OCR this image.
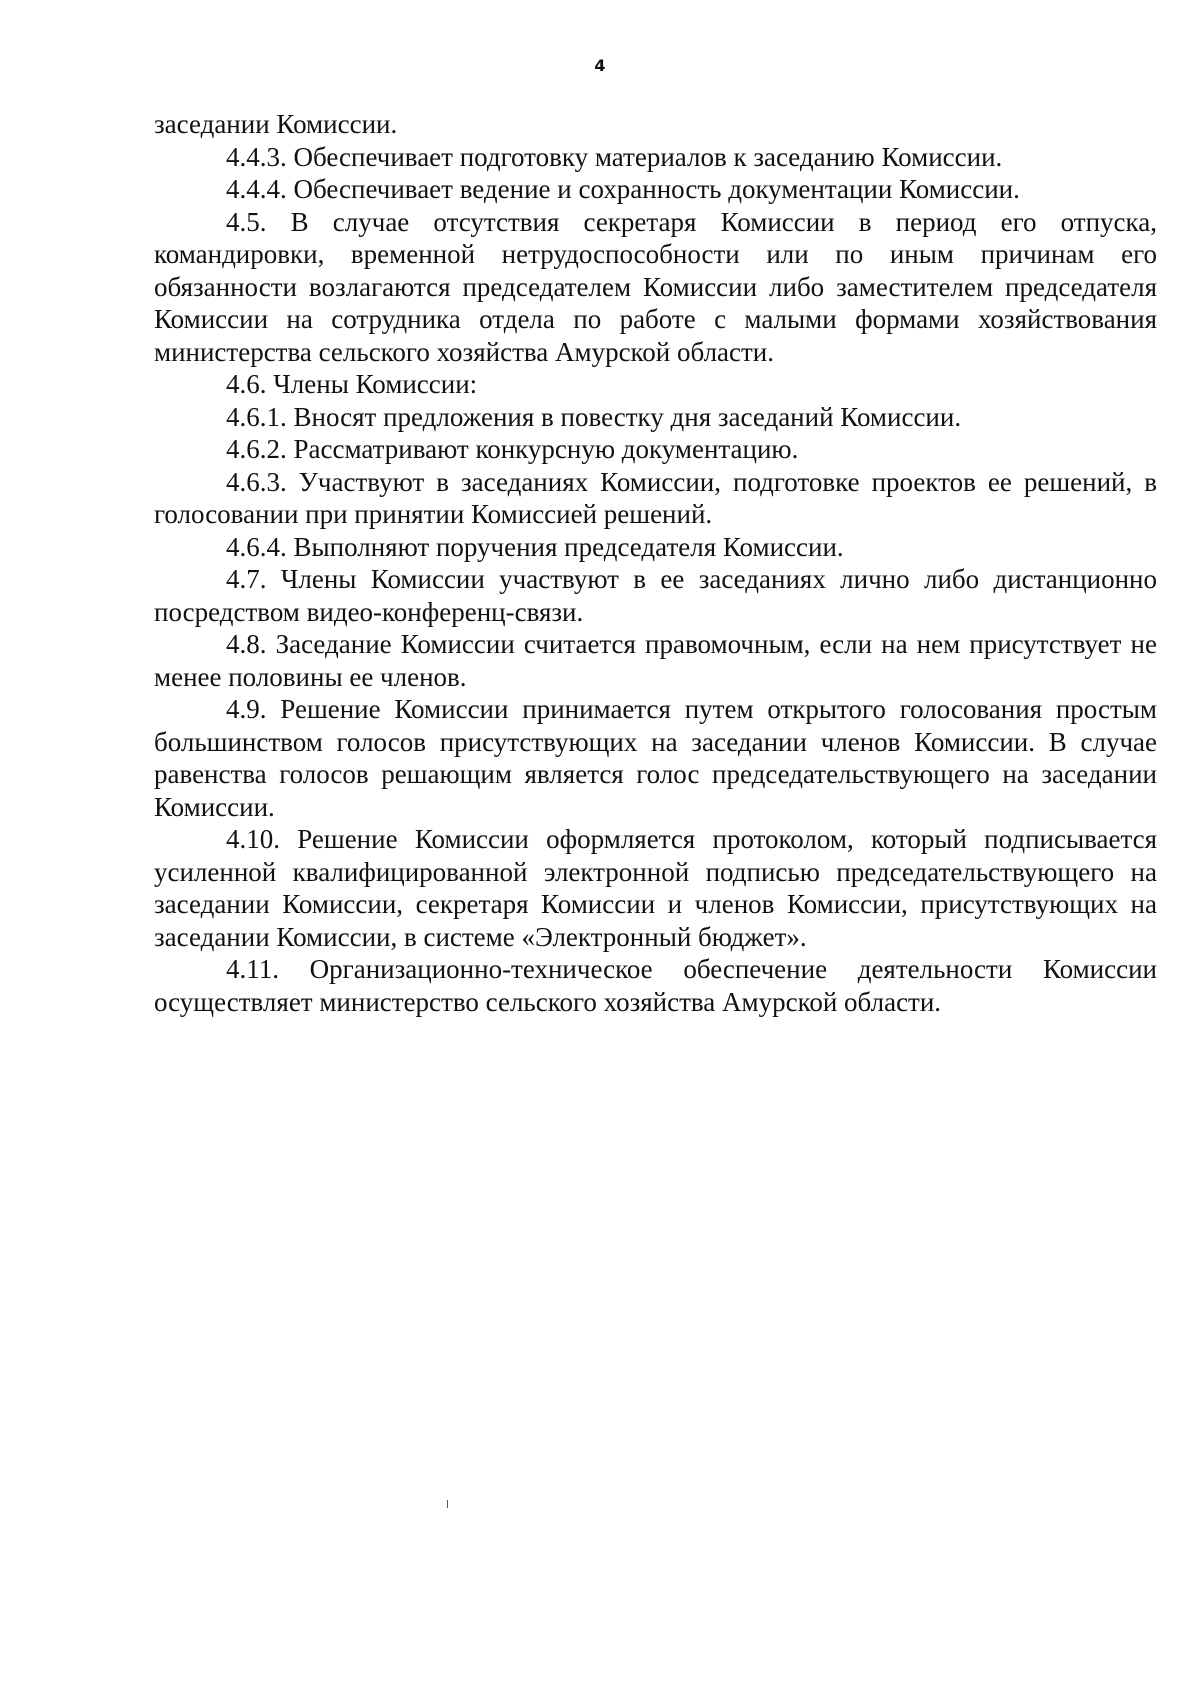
4

заседании Комиссии.

4.4.3. Обеспечивает подготовку материалов к заседанию Комиссии.

4.4.4. Обеспечивает ведение и сохранность документации Комиссии.

4.5. В случае отсутствия секретаря Комиссии в период его отпуска, командировки, временной нетрудоспособности или по иным причинам его обязанности возлагаются председателем Комиссии либо заместителем председателя Комиссии на сотрудника отдела по работе с малыми формами хозяйствования министерства сельского хозяйства Амурской области.

4.6. Члены Комиссии:

4.6.1. Вносят предложения в повестку дня заседаний Комиссии.

4.6.2. Рассматривают конкурсную документацию.

4.6.3. Участвуют в заседаниях Комиссии, подготовке проектов ее решений, в голосовании при принятии Комиссией решений.

4.6.4. Выполняют поручения председателя Комиссии.

4.7. Члены Комиссии участвуют в ее заседаниях лично либо дистанционно посредством видео-конференц-связи.

4.8. Заседание Комиссии считается правомочным, если на нем присутствует не менее половины ее членов.

4.9. Решение Комиссии принимается путем открытого голосования простым большинством голосов присутствующих на заседании членов Комиссии. В случае равенства голосов решающим является голос председательствующего на заседании Комиссии.

4.10. Решение Комиссии оформляется протоколом, который подписывается усиленной квалифицированной электронной подписью председательствующего на заседании Комиссии, секретаря Комиссии и членов Комиссии, присутствующих на заседании Комиссии, в системе «Электронный бюджет».

4.11. Организационно-техническое обеспечение деятельности Комиссии осуществляет министерство сельского хозяйства Амурской области.
